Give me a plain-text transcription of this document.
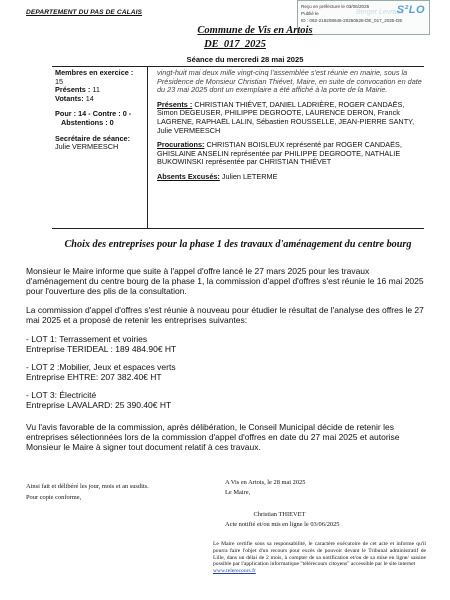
DEPARTEMENT DU PAS DE CALAIS
Reçu en préfecture le 03/06/2025
Publié le
ID : 062-216208645-20250528-DE_017_2025-DE
Berger Levrault
S²LO
Commune de Vis en Artois
DE_017_2025
Séance du mercredi 28 mai 2025
Membres en exercice :
15
Présents : 11
Votants: 14
Pour : 14 - Contre : 0 -
Abstentions : 0
Secrétaire de séance:
Julie VERMEESCH

vingt-huit mai deux mille vingt-cinq l'assemblée s'est réunie en mairie, sous la Présidence de Monsieur Christian Thiévet, Maire, en suite de convocation en date du 23 mai 2025 dont un exemplaire a été affiché à la porte de la Mairie.

Présents : CHRISTIAN THIÉVET, DANIEL LADRIÈRE, ROGER CANDAËS, Simon DEGEUSER, PHILIPPE DEGROOTE, LAURENCE DERON, Franck LAGRENE, RAPHAËL LALIN, Sébastien ROUSSELLE, JEAN-PIERRE SANTY, Julie VERMEESCH

Procurations: CHRISTIAN BOISLEUX représenté par ROGER CANDAËS, GHISLAINE ANSELIN représentée par PHILIPPE DEGROOTE, NATHALIE BUKOWINSKI représentée par CHRISTIAN THIÉVET

Absents Excusés: Julien LETERME

Choix des entreprises pour la phase 1 des travaux d'aménagement du centre bourg

Monsieur le Maire informe que suite à l'appel d'offre lancé le 27 mars 2025 pour les travaux d'aménagement du centre bourg de la phase 1, la commission d'appel d'offres s'est réunie le 16 mai 2025 pour l'ouverture des plis de la consultation.

La commission d'appel d'offres s'est réunie à nouveau pour étudier le résultat de l'analyse des offres le 27 mai 2025 et a proposé de retenir les entreprises suivantes:

- LOT 1: Terrassement et voiries
Entreprise TERIDEAL : 189 484.90€ HT
- LOT 2 :Mobilier, Jeux et espaces verts
Entreprise EHTRE: 207 382.40€ HT
- LOT 3: Électricité
Entreprise LAVALARD: 25 390.40€ HT

Vu l'avis favorable de la commission, après délibération, le Conseil Municipal décide de retenir les entreprises sélectionnées lors de la commission d'appel d'offres en date du 27 mai 2025 et autorise Monsieur le Maire à signer tout document relatif à ces travaux.

Ainsi fait et délibéré les jour, mois et an susdits.
Pour copie conforme,
A Vis en Artois, le 28 mai 2025
Le Maire,
Christian THIEVET
Acte notifié et/ou mis en ligne le 03/06/2025
Le Maire certifie sous sa responsabilité, le caractère exécutoire de cet acte et informe qu'il pourra faire l'objet d'un recours pour excès de pouvoir devant le Tribunal administratif de Lille, dans un délai de 2 mois, à compter de sa notification et/ou de sa mise en ligne/ saisine possible par l'application informatique "télérecours citoyens" accessible par le site internet
www.telerecours.fr
